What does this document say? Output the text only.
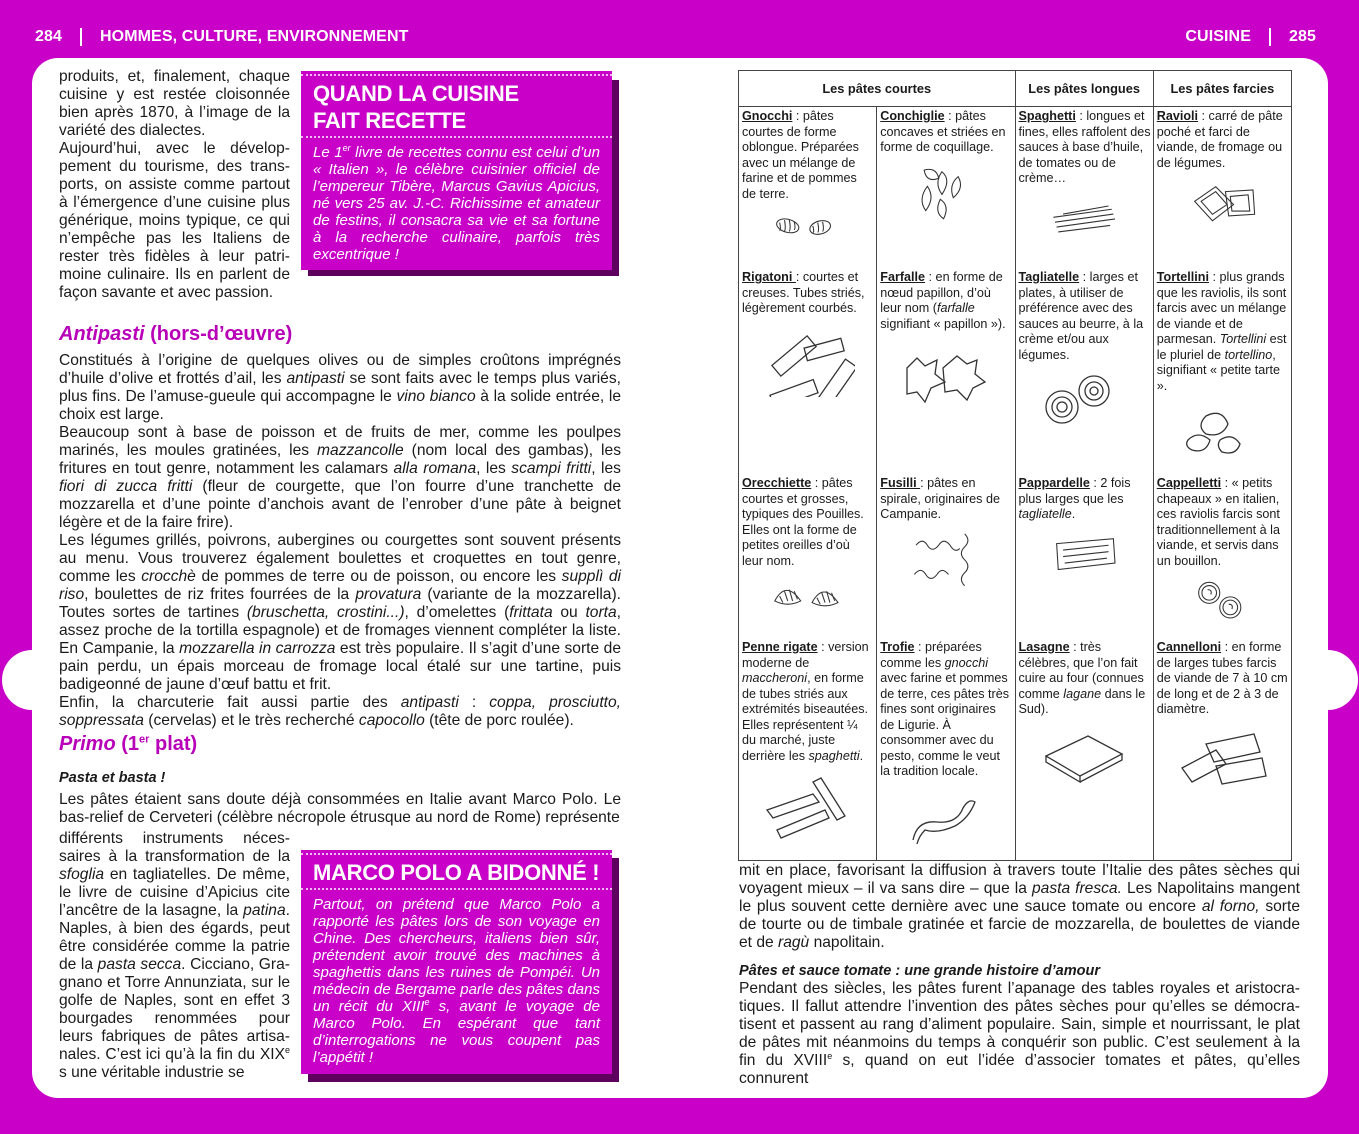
284 HOMMES, CULTURE, ENVIRONNEMENT	CUISINE 285

produits, et, finalement, chaque cuisine y est restée cloisonnée bien après 1870, à l’image de la variété des dialectes.

Aujourd’hui, avec le développement du tourisme, des transports, on assiste comme partout à l’émergence d’une cuisine plus générique, moins typique, ce qui n’empêche pas les Italiens de rester très fidèles à leur patrimoine culinaire. Ils en parlent de façon savante et avec passion.

QUAND LA CUISINE
FAIT RECETTE
Le 1er livre de recettes connu est celui d’un « Italien », le célèbre cuisinier officiel de l’empereur Tibère, Marcus Gavius Apicius, né vers 25 av. J.-C. Richissime et amateur de festins, il consacra sa vie et sa fortune à la recherche culinaire, parfois très excentrique !
Antipasti (hors-d’œuvre)

Constitués à l’origine de quelques olives ou de simples croûtons imprégnés d’huile d’olive et frottés d’ail, les antipasti se sont faits avec le temps plus variés, plus fins. De l’amuse-gueule qui accompagne le vino bianco à la solide entrée, le choix est large.

Beaucoup sont à base de poisson et de fruits de mer, comme les poulpes marinés, les moules gratinées, les mazzancolle (nom local des gambas), les fritures en tout genre, notamment les calamars alla romana, les scampi fritti, les fiori di zucca fritti (fleur de courgette, que l’on fourre d’une tranchette de mozzarella et d’une pointe d’anchois avant de l’enrober d’une pâte à beignet légère et de la faire frire).

Les légumes grillés, poivrons, aubergines ou courgettes sont souvent présents au menu. Vous trouverez également boulettes et croquettes en tout genre, comme les crocchè de pommes de terre ou de poisson, ou encore les supplì di riso, boulettes de riz frites fourrées de la provatura (variante de la mozzarella). Toutes sortes de tartines (bruschetta, crostini...), d’omelettes (frittata ou torta, assez proche de la tortilla espagnole) et de fromages viennent compléter la liste. En Campanie, la mozzarella in carrozza est très populaire. Il s’agit d’une sorte de pain perdu, un épais morceau de fromage local étalé sur une tartine, puis badigeonné de jaune d’œuf battu et frit.

Enfin, la charcuterie fait aussi partie des antipasti : coppa, prosciutto, soppressata (cervelas) et le très recherché capocollo (tête de porc roulée).

Primo (1er plat)
Pasta et basta !

Les pâtes étaient sans doute déjà consommées en Italie avant Marco Polo. Le bas-relief de Cerveteri (célèbre nécropole étrusque au nord de Rome) représente

différents instruments nécessaires à la transformation de la sfoglia en tagliatelles. De même, le livre de cuisine d’Apicius cite l’ancêtre de la lasagne, la patina. Naples, à bien des égards, peut être considérée comme la patrie de la pasta secca. Cicciano, Gragnano et Torre Annunziata, sur le golfe de Naples, sont en effet 3 bourgades renommées pour leurs fabriques de pâtes artisanales. C’est ici qu’à la fin du XIXe s une véritable industrie se

MARCO POLO A BIDONNÉ !
Partout, on prétend que Marco Polo a rapporté les pâtes lors de son voyage en Chine. Des chercheurs, italiens bien sûr, prétendent avoir trouvé des machines à spaghettis dans les ruines de Pompéi. Un médecin de Bergame parle des pâtes dans un récit du XIIIe s, avant le voyage de Marco Polo. En espérant que tant d’interrogations ne vous coupent pas l’appétit !
Les pâtes courtes		Les pâtes longues	Les pâtes farcies
Gnocchi : pâtes courtes de forme oblongue. Préparées avec un mélange de farine et de pommes de terre.	Conchiglie : pâtes concaves et striées en forme de coquillage.	Spaghetti : longues et fines, elles raffolent des sauces à base d’huile, de tomates ou de crème…	Ravioli : carré de pâte poché et farci de viande, de fromage ou de légumes.

Rigatoni : courtes et creuses. Tubes striés, légèrement courbés.	Farfalle : en forme de nœud papillon, d’où leur nom (farfalle signifiant « papillon »).	Tagliatelle : larges et plates, à utiliser de préférence avec des sauces au beurre, à la crème et/ou aux légumes.	Tortellini : plus grands que les raviolis, ils sont farcis avec un mélange de viande et de parmesan. Tortellini est le pluriel de tortellino, signifiant « petite tarte ».

Orecchiette : pâtes courtes et grosses, typiques des Pouilles. Elles ont la forme de petites oreilles d’où leur nom.	Fusilli : pâtes en spirale, originaires de Campanie.	Pappardelle : 2 fois plus larges que les tagliatelle.	Cappelletti : « petits chapeaux » en italien, ces raviolis farcis sont traditionnellement à la viande, et servis dans un bouillon.

Penne rigate : version moderne de maccheroni, en forme de tubes striés aux extrémités biseautées. Elles représentent ¼ du marché, juste derrière les spaghetti.	Trofie : préparées comme les gnocchi avec farine et pommes de terre, ces pâtes très fines sont originaires de Ligurie. À consommer avec du pesto, comme le veut la tradition locale.	Lasagne : très célèbres, que l’on fait cuire au four (connues comme lagane dans le Sud).	Cannelloni : en forme de larges tubes farcis de viande de 7 à 10 cm de long et de 2 à 3 de diamètre.

mit en place, favorisant la diffusion à travers toute l’Italie des pâtes sèches qui voyagent mieux – il va sans dire – que la pasta fresca. Les Napolitains mangent le plus souvent cette dernière avec une sauce tomate ou encore al forno, sorte de tourte ou de timbale gratinée et farcie de mozzarella, de boulettes de viande et de ragù napolitain.

Pâtes et sauce tomate : une grande histoire d’amour

Pendant des siècles, les pâtes furent l’apanage des tables royales et aristocratiques. Il fallut attendre l’invention des pâtes sèches pour qu’elles se démocratisent et passent au rang d’aliment populaire. Sain, simple et nourrissant, le plat de pâtes mit néanmoins du temps à conquérir son public. C’est seulement à la fin du XVIIIe s, quand on eut l’idée d’associer tomates et pâtes, qu’elles connurent
